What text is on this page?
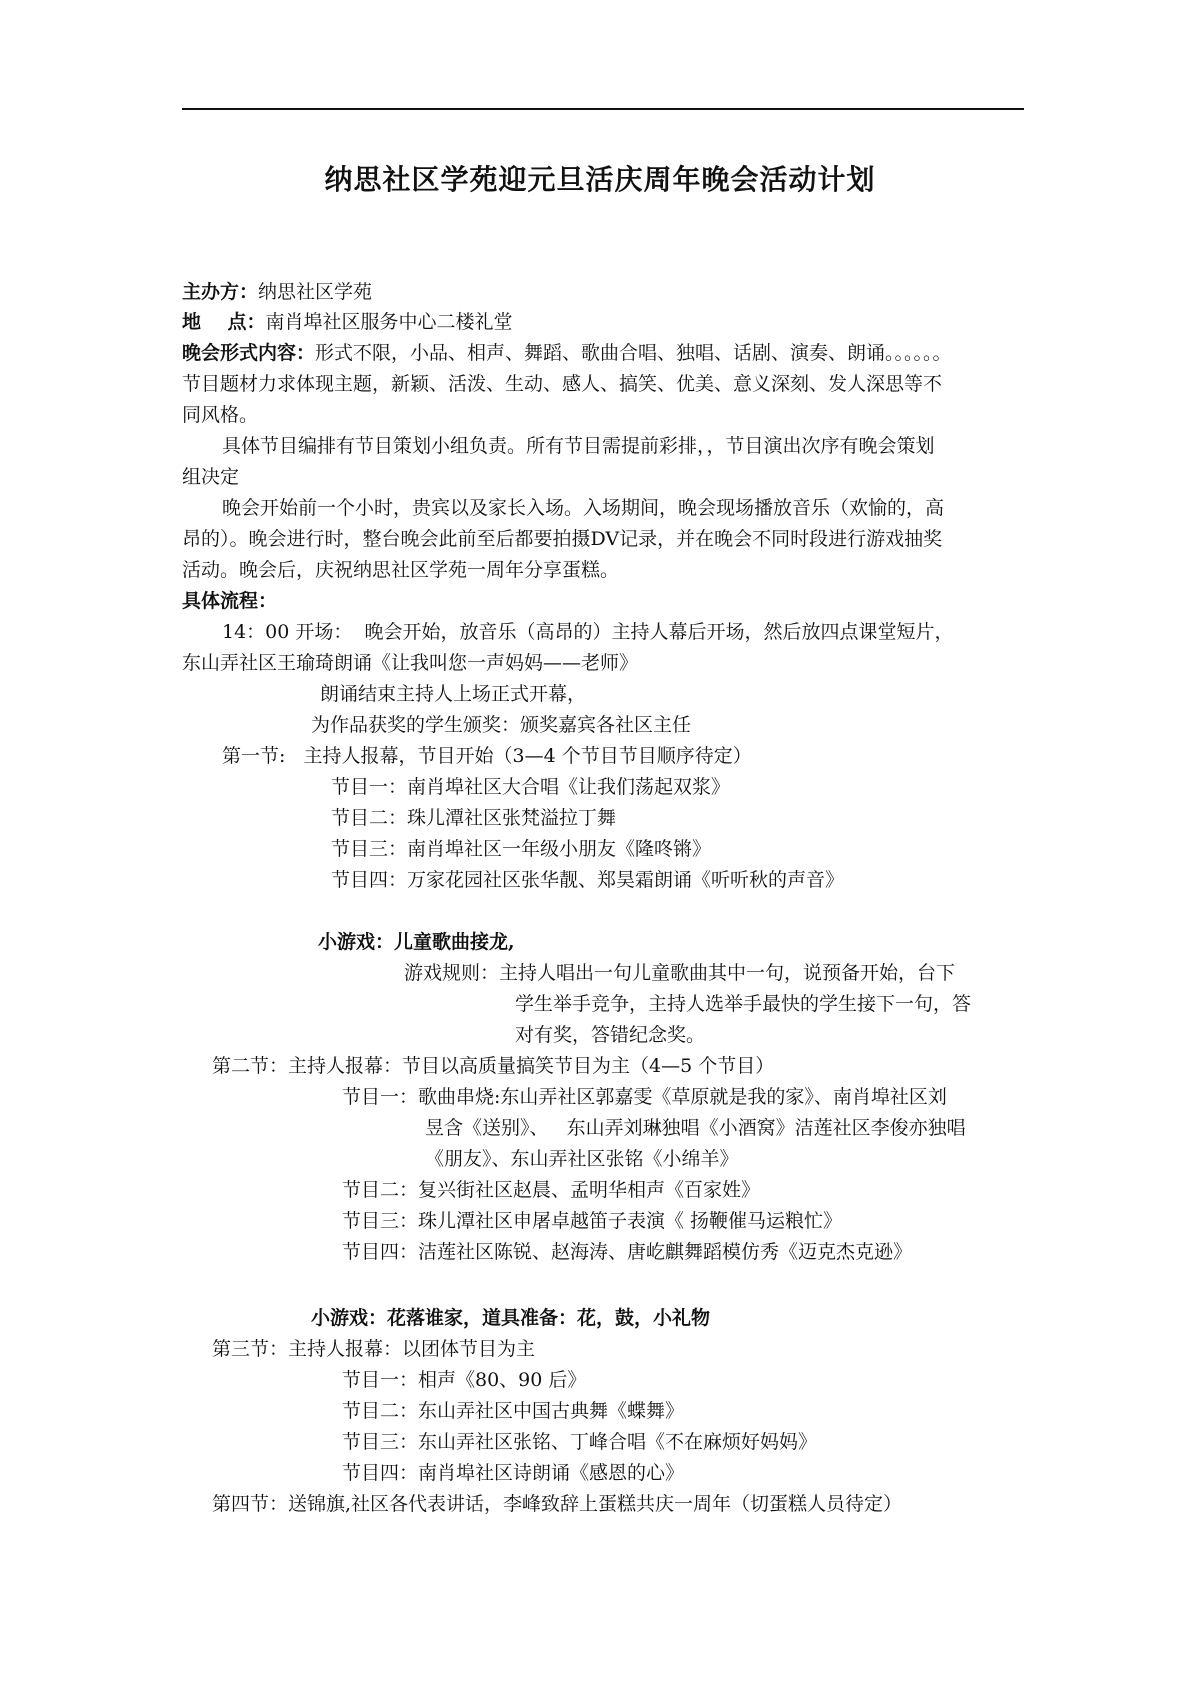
纳思社区学苑迎元旦活庆周年晚会活动计划
主办方：纳思社区学苑
地    点：南肖埠社区服务中心二楼礼堂
晚会形式内容：形式不限，小品、相声、舞蹈、歌曲合唱、独唱、话剧、演奏、朗诵。。。。。。
节目题材力求体现主题，新颖、活泼、生动、感人、搞笑、优美、意义深刻、发人深思等不
同风格。
具体节目编排有节目策划小组负责。所有节目需提前彩排，，节目演出次序有晚会策划
组决定
晚会开始前一个小时，贵宾以及家长入场。入场期间，晚会现场播放音乐（欢愉的，高
昂的）。晚会进行时，整台晚会此前至后都要拍摄DV记录，并在晚会不同时段进行游戏抽奖
活动。晚会后，庆祝纳思社区学苑一周年分享蛋糕。
具体流程：
14：00 开场：  晚会开始，放音乐（高昂的）主持人幕后开场，然后放四点课堂短片，
东山弄社区王瑜琦朗诵《让我叫您一声妈妈——老师》
朗诵结束主持人上场正式开幕，
为作品获奖的学生颁奖：颁奖嘉宾各社区主任
第一节:   主持人报幕，节目开始（3—4 个节目节目顺序待定）
节目一：南肖埠社区大合唱《让我们荡起双浆》
节目二：珠儿潭社区张梵溢拉丁舞
节目三：南肖埠社区一年级小朋友《隆咚锵》
节目四：万家花园社区张华靓、郑昊霜朗诵《听听秋的声音》
小游戏：儿童歌曲接龙,
游戏规则：主持人唱出一句儿童歌曲其中一句，说预备开始，台下
学生举手竞争，主持人选举手最快的学生接下一句，答
对有奖，答错纪念奖。
第二节：主持人报幕：节目以高质量搞笑节目为主（4—5 个节目）
节目一：歌曲串烧:东山弄社区郭嘉雯《草原就是我的家》、南肖埠社区刘
昱含《送别》、   东山弄刘琳独唱《小酒窝》洁莲社区李俊亦独唱
《朋友》、东山弄社区张铭《小绵羊》
节目二：复兴街社区赵晨、孟明华相声《百家姓》
节目三：珠儿潭社区申屠卓越笛子表演《 扬鞭催马运粮忙》
节目四：洁莲社区陈锐、赵海涛、唐屹麒舞蹈模仿秀《迈克杰克逊》
小游戏：花落谁家，道具准备：花，鼓，小礼物
第三节：主持人报幕：以团体节目为主
节目一：相声《80、90 后》
节目二：东山弄社区中国古典舞《蝶舞》
节目三：东山弄社区张铭、丁峰合唱《不在麻烦好妈妈》
节目四：南肖埠社区诗朗诵《感恩的心》
第四节：送锦旗,社区各代表讲话，李峰致辞上蛋糕共庆一周年（切蛋糕人员待定）
